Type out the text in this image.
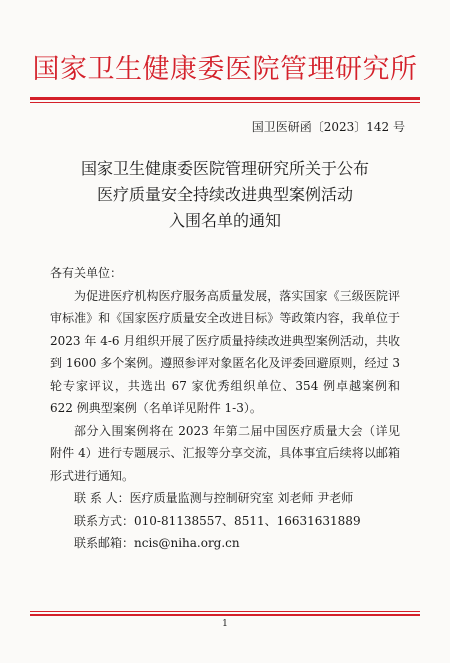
国家卫生健康委医院管理研究所
国卫医研函〔2023〕142 号
国家卫生健康委医院管理研究所关于公布
医疗质量安全持续改进典型案例活动
入围名单的通知

各有关单位：

为促进医疗机构医疗服务高质量发展，落实国家《三级医院评审标准》和《国家医疗质量安全改进目标》等政策内容，我单位于 2023 年 4-6 月组织开展了医疗质量持续改进典型案例活动，共收到 1600 多个案例。遵照参评对象匿名化及评委回避原则，经过 3 轮专家评议，共选出 67 家优秀组织单位、354 例卓越案例和 622 例典型案例（名单详见附件 1-3）。

部分入围案例将在 2023 年第二届中国医疗质量大会（详见附件 4）进行专题展示、汇报等分享交流，具体事宜后续将以邮箱形式进行通知。

联 系 人：医疗质量监测与控制研究室 刘老师 尹老师

联系方式：010-81138557、8511、16631631889

联系邮箱：ncis@niha.org.cn

1
